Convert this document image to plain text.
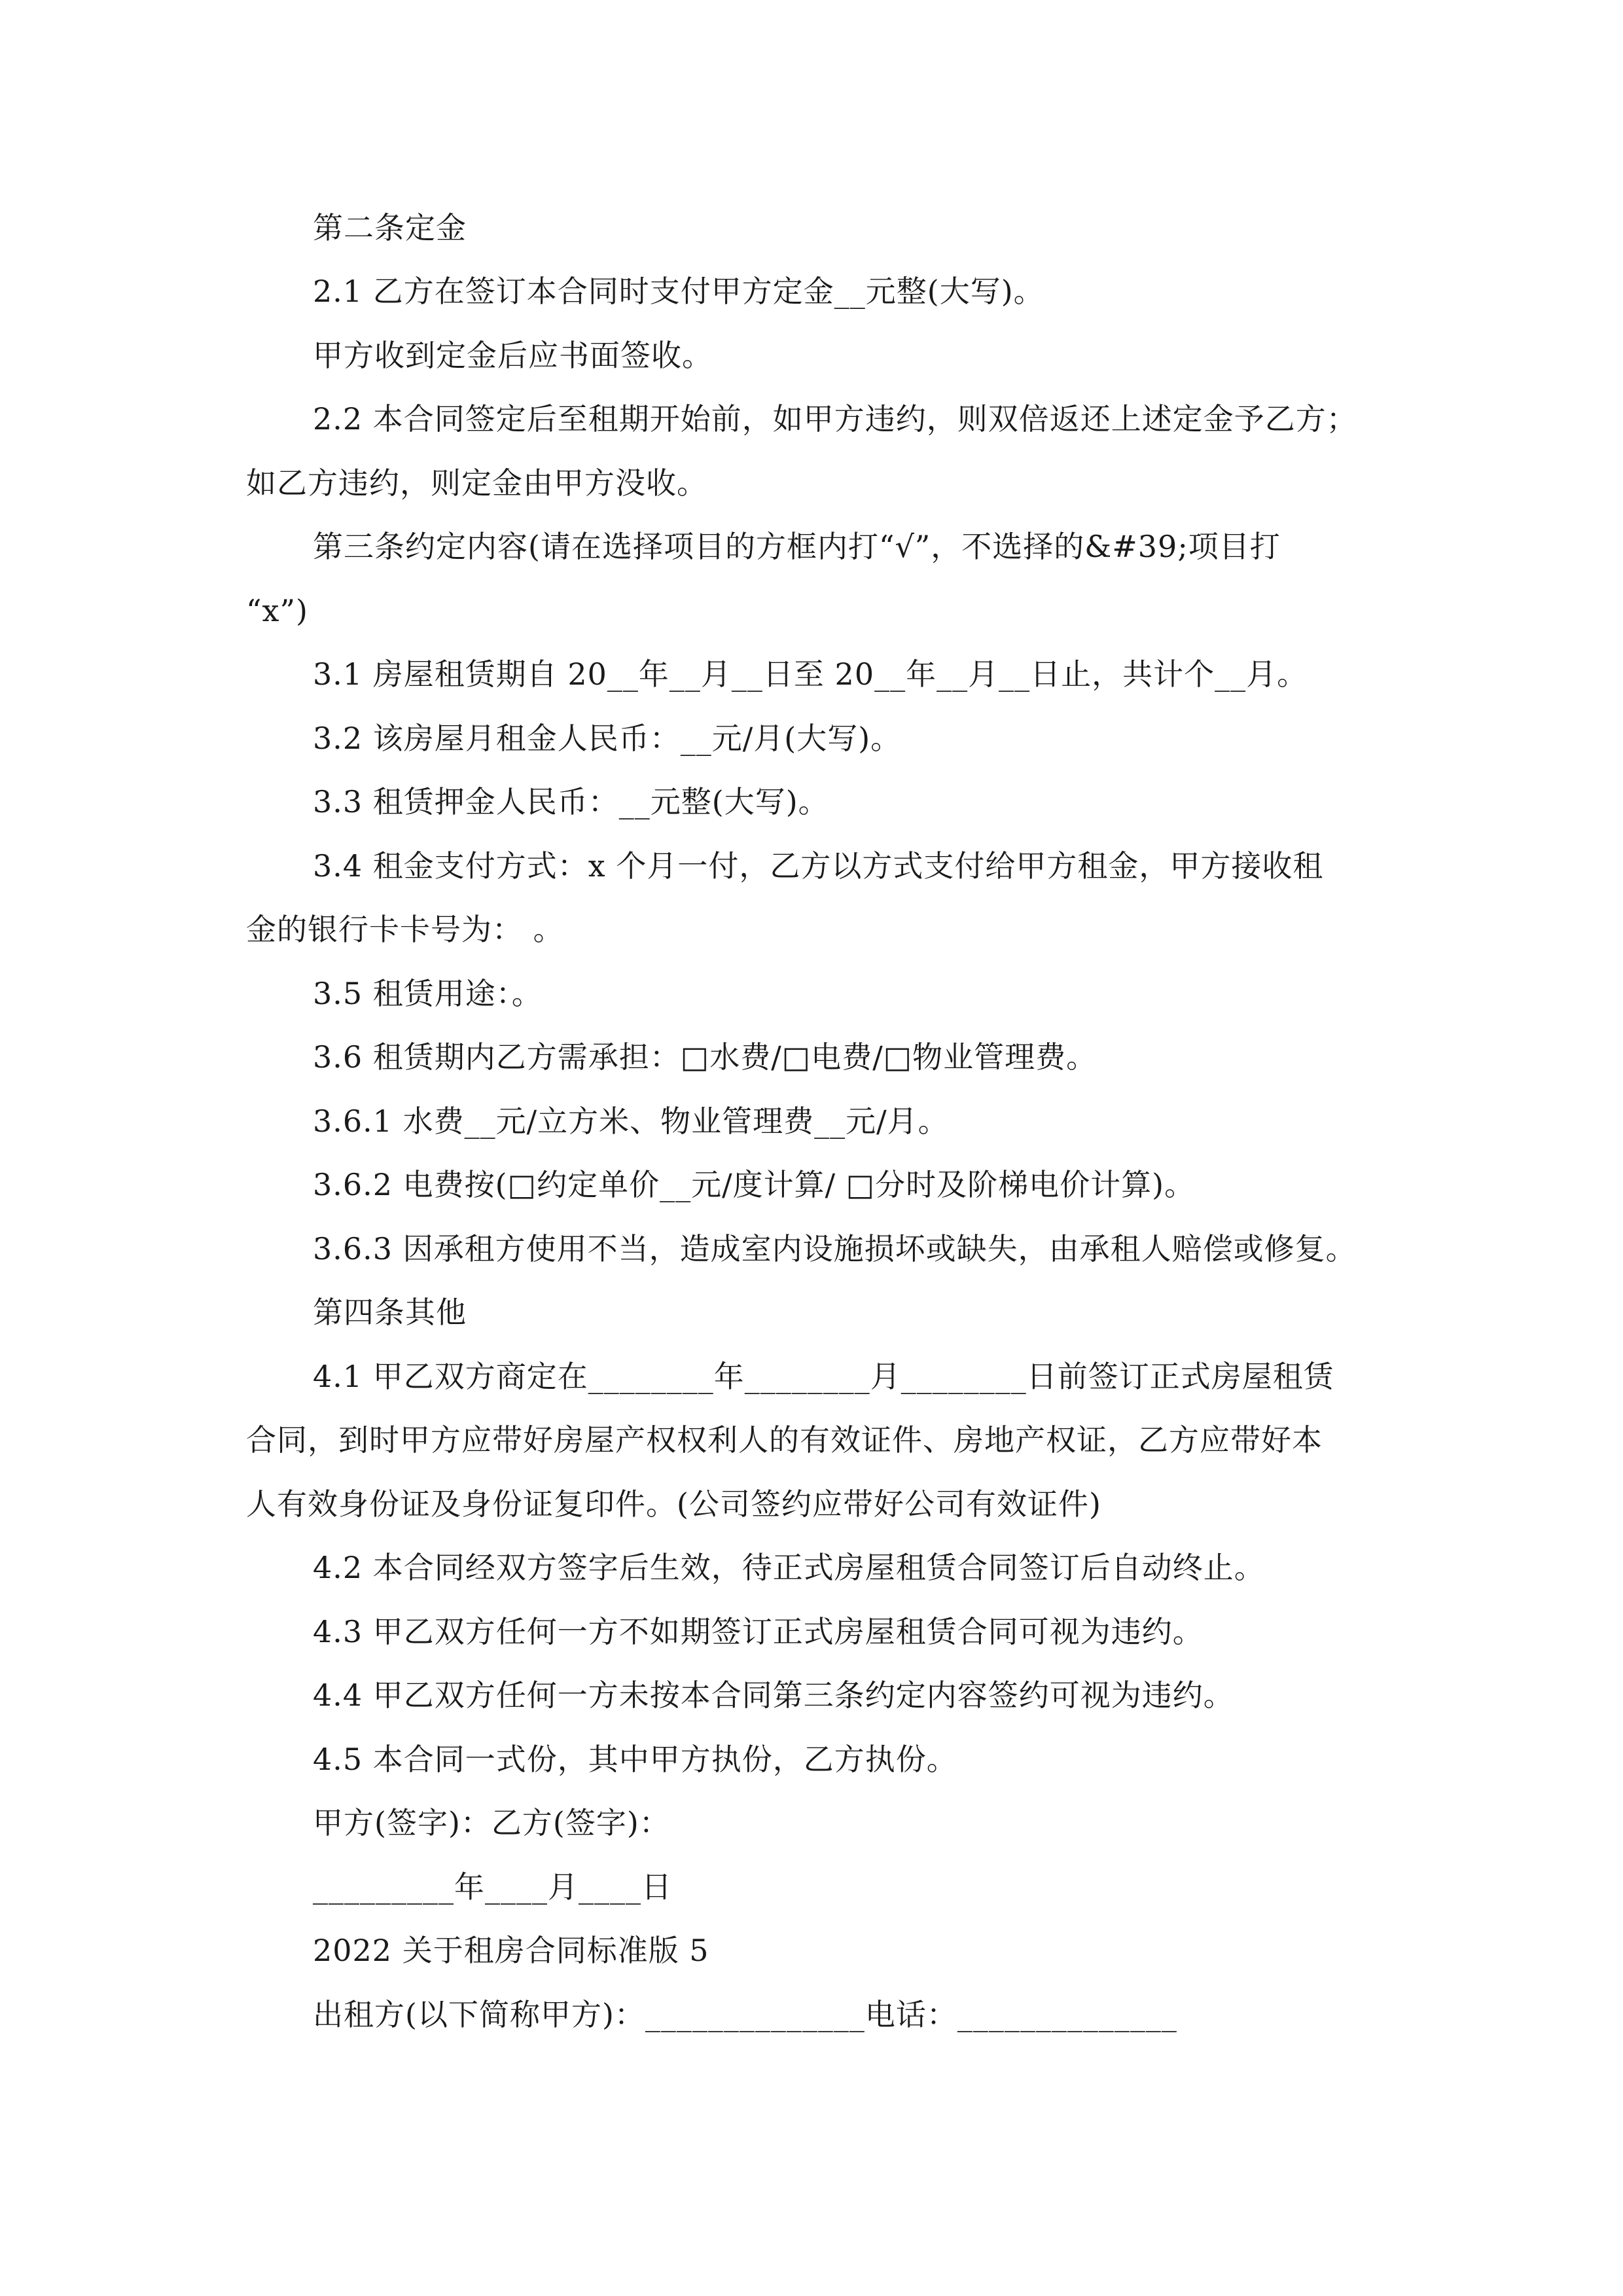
第二条定金
2.1 乙方在签订本合同时支付甲方定金__元整(大写)。
甲方收到定金后应书面签收。
2.2 本合同签定后至租期开始前，如甲方违约，则双倍返还上述定金予乙方；
如乙方违约，则定金由甲方没收。
第三条约定内容(请在选择项目的方框内打“√”，不选择的&#39;项目打
“x”)
3.1 房屋租赁期自 20__年__月__日至 20__年__月__日止，共计个__月。
3.2 该房屋月租金人民币：__元/月(大写)。
3.3 租赁押金人民币：__元整(大写)。
3.4 租金支付方式：x 个月一付，乙方以方式支付给甲方租金，甲方接收租
金的银行卡卡号为： 。
3.5 租赁用途：。
3.6 租赁期内乙方需承担：□水费/□电费/□物业管理费。
3.6.1 水费__元/立方米、物业管理费__元/月。
3.6.2 电费按(□约定单价__元/度计算/ □分时及阶梯电价计算)。
3.6.3 因承租方使用不当，造成室内设施损坏或缺失，由承租人赔偿或修复。
第四条其他
4.1 甲乙双方商定在________年________月________日前签订正式房屋租赁
合同，到时甲方应带好房屋产权权利人的有效证件、房地产权证，乙方应带好本
人有效身份证及身份证复印件。(公司签约应带好公司有效证件)
4.2 本合同经双方签字后生效，待正式房屋租赁合同签订后自动终止。
4.3 甲乙双方任何一方不如期签订正式房屋租赁合同可视为违约。
4.4 甲乙双方任何一方未按本合同第三条约定内容签约可视为违约。
4.5 本合同一式份，其中甲方执份，乙方执份。
甲方(签字)：乙方(签字)：
_________年____月____日
2022 关于租房合同标准版 5
出租方(以下简称甲方)：______________电话：______________
